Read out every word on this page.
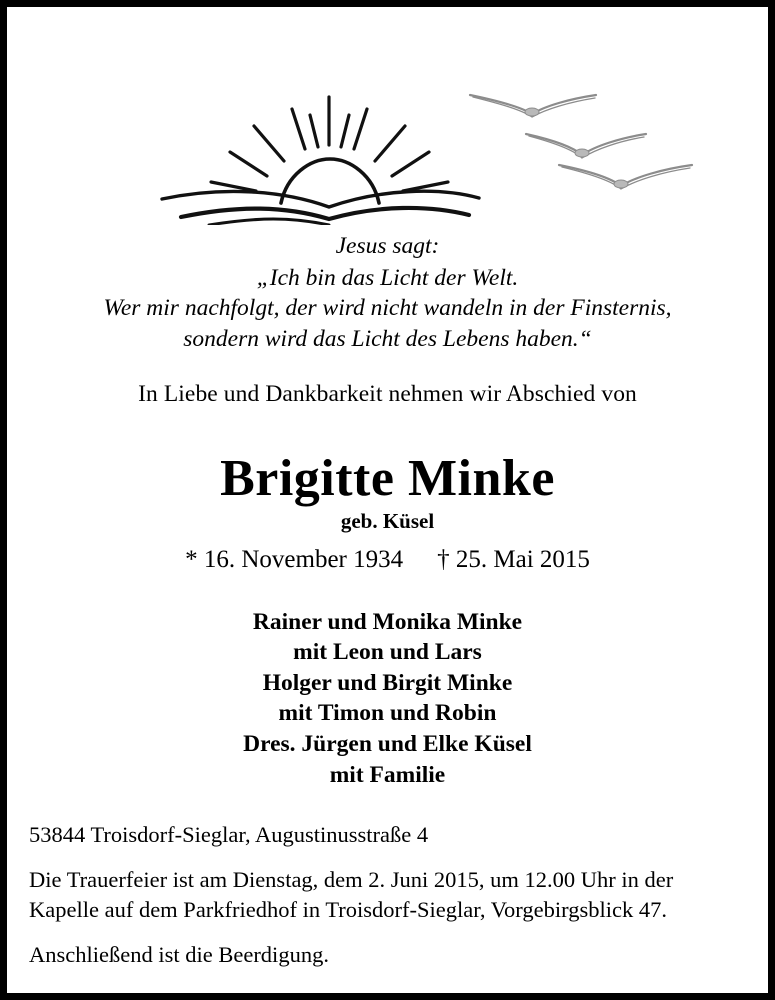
Jesus sagt:
„Ich bin das Licht der Welt.
Wer mir nachfolgt, der wird nicht wandeln in der Finsternis,
sondern wird das Licht des Lebens haben.“
In Liebe und Dankbarkeit nehmen wir Abschied von
Brigitte Minke
geb. Küsel
* 16. November 1934 † 25. Mai 2015
Rainer und Monika Minke
mit Leon und Lars
Holger und Birgit Minke
mit Timon und Robin
Dres. Jürgen und Elke Küsel
mit Familie

53844 Troisdorf-Sieglar, Augustinusstraße 4

Die Trauerfeier ist am Dienstag, dem 2. Juni 2015, um 12.00 Uhr in der Kapelle auf dem Parkfriedhof in Troisdorf-Sieglar, Vorgebirgsblick 47.

Anschließend ist die Beerdigung.
